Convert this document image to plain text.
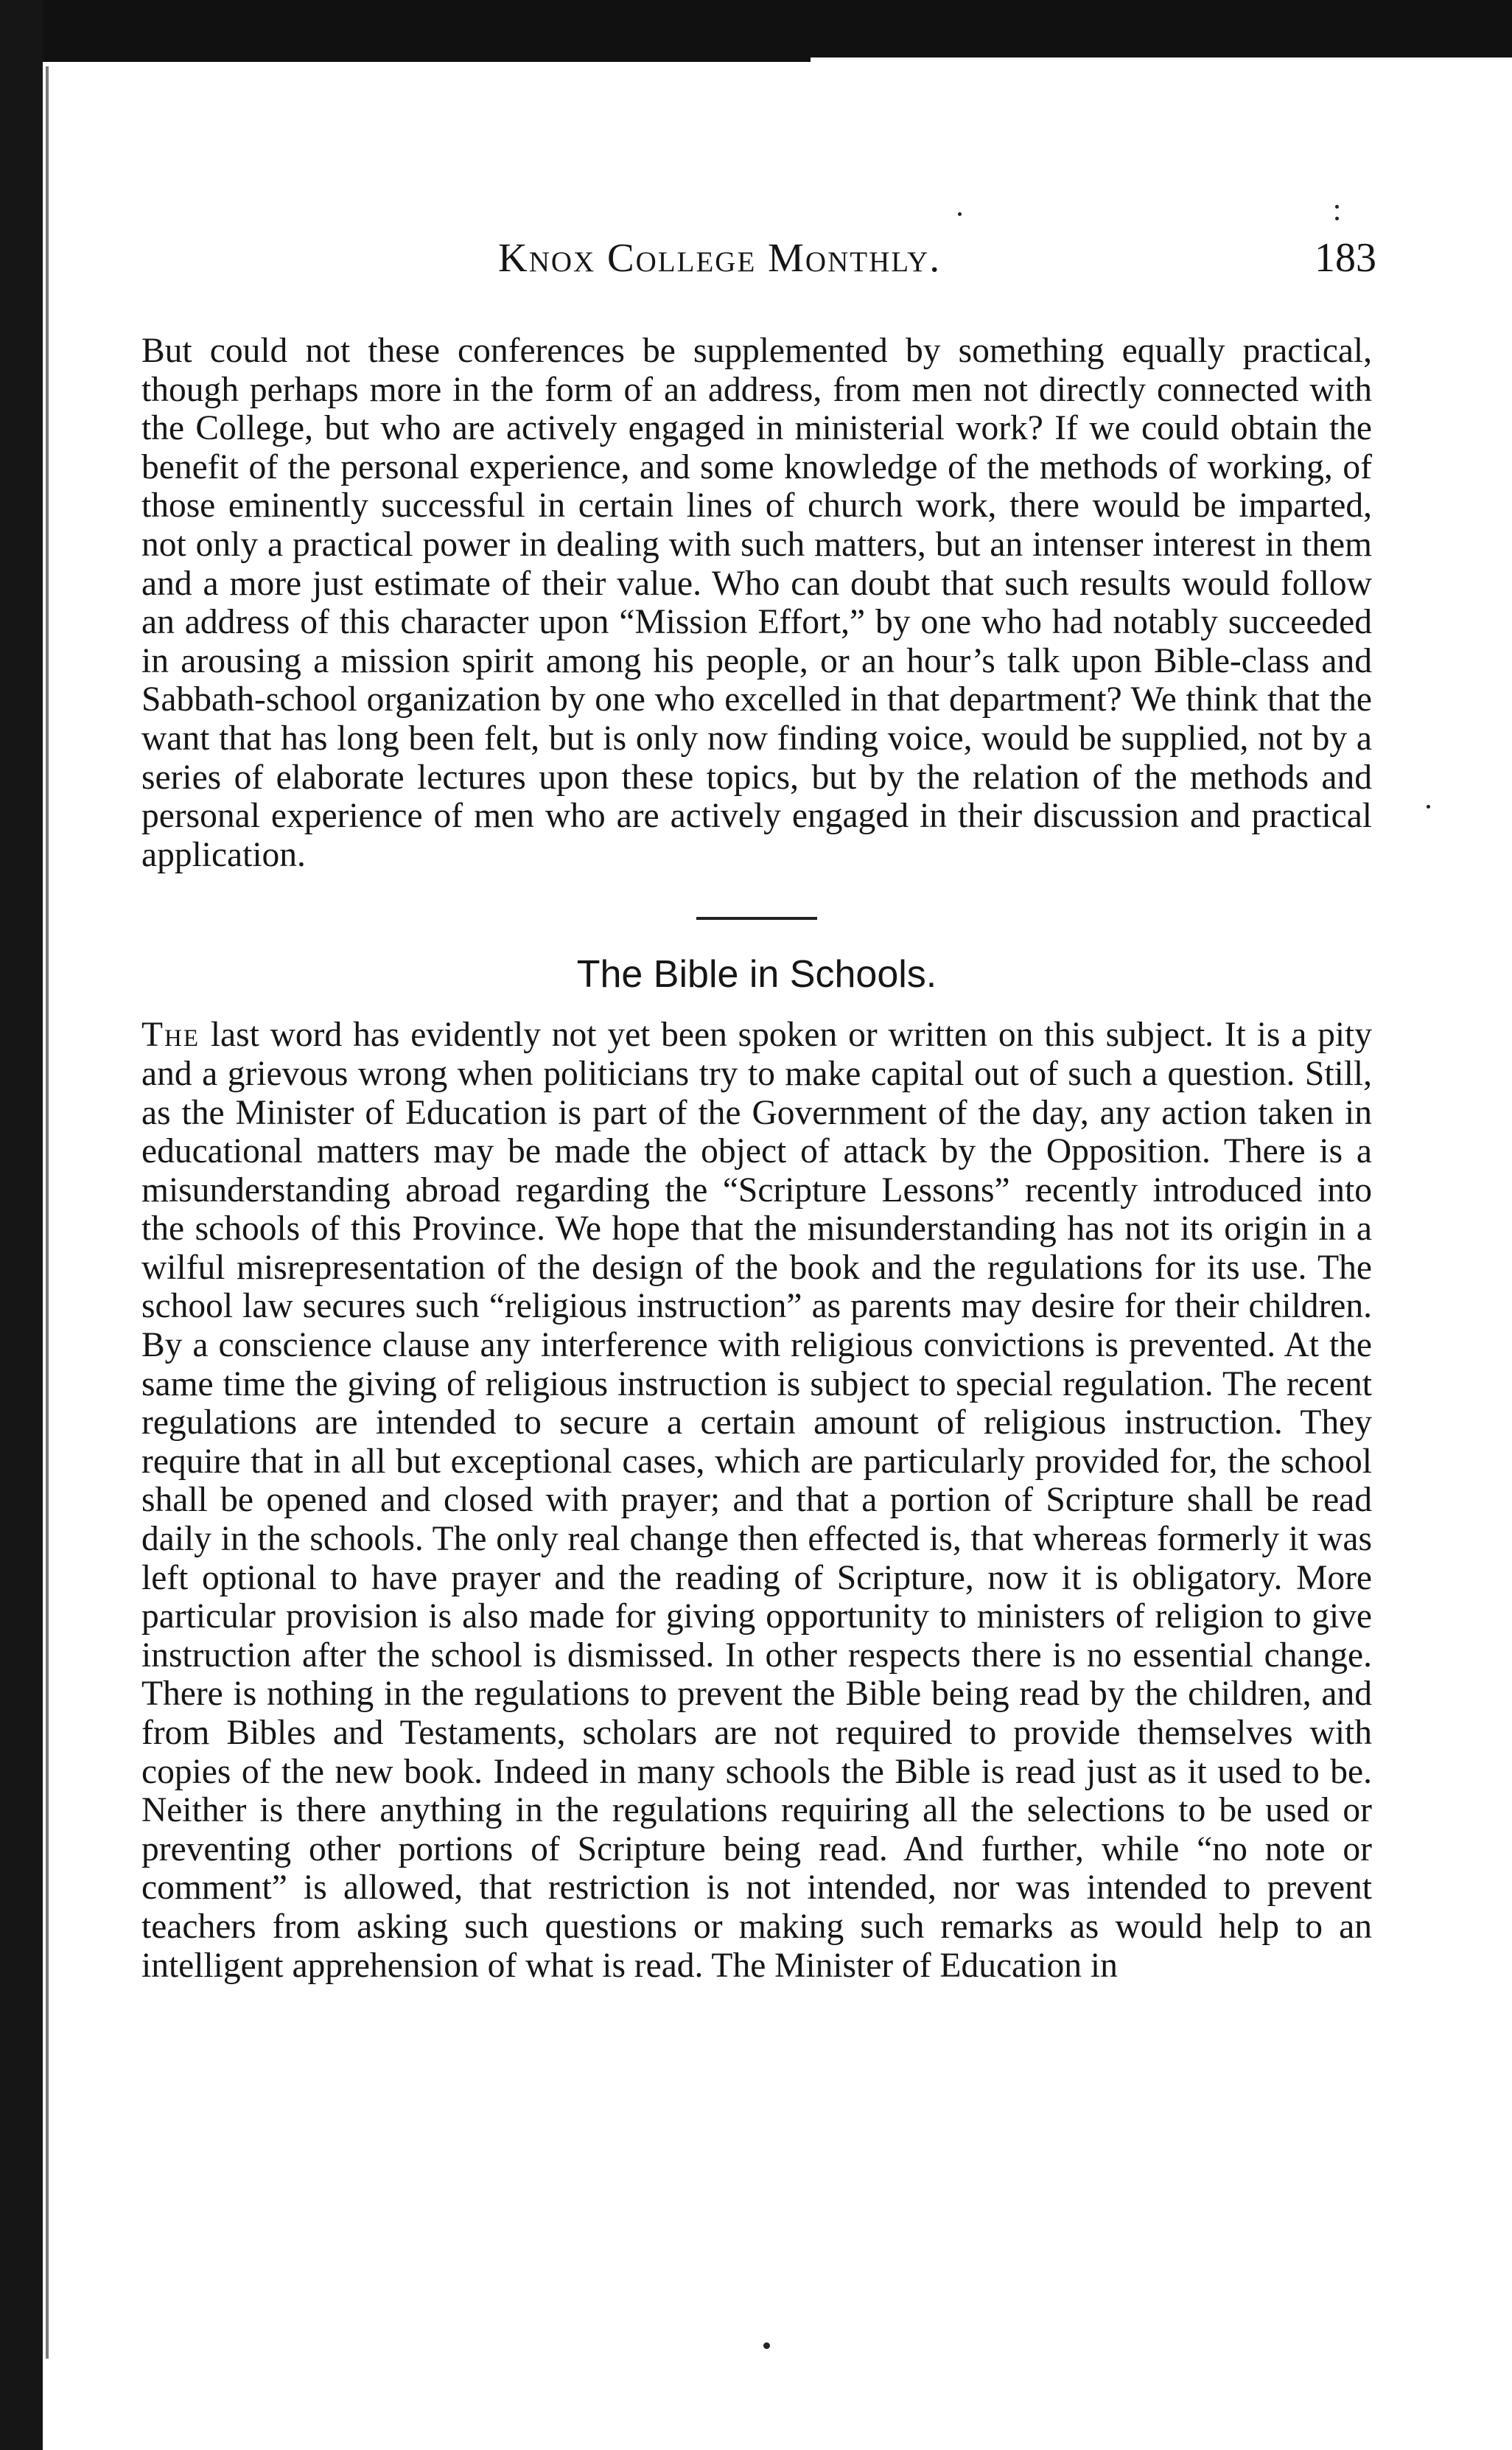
Knox College Monthly.	183

But could not these conferences be supplemented by something equally practical, though perhaps more in the form of an address, from men not directly connected with the College, but who are actively engaged in ministerial work? If we could obtain the benefit of the personal experience, and some knowledge of the methods of working, of those eminently successful in certain lines of church work, there would be imparted, not only a practical power in dealing with such matters, but an intenser interest in them and a more just estimate of their value. Who can doubt that such results would follow an address of this character upon “Mission Effort,” by one who had notably succeeded in arousing a mission spirit among his people, or an hour’s talk upon Bible-class and Sabbath-school organization by one who excelled in that department? We think that the want that has long been felt, but is only now finding voice, would be supplied, not by a series of elaborate lectures upon these topics, but by the relation of the methods and personal experience of men who are actively engaged in their discussion and practical application.

The Bible in Schools.

The last word has evidently not yet been spoken or written on this subject. It is a pity and a grievous wrong when politicians try to make capital out of such a question. Still, as the Minister of Education is part of the Government of the day, any action taken in educational matters may be made the object of attack by the Opposition. There is a misunderstanding abroad regarding the “Scripture Lessons” recently introduced into the schools of this Province. We hope that the misunderstanding has not its origin in a wilful misrepresentation of the design of the book and the regulations for its use. The school law secures such “religious instruction” as parents may desire for their children. By a conscience clause any interference with religious convictions is prevented. At the same time the giving of religious instruction is subject to special regulation. The recent regulations are intended to secure a certain amount of religious instruction. They require that in all but exceptional cases, which are particularly provided for, the school shall be opened and closed with prayer; and that a portion of Scripture shall be read daily in the schools. The only real change then effected is, that whereas formerly it was left optional to have prayer and the reading of Scripture, now it is obligatory. More particular provision is also made for giving opportunity to ministers of religion to give instruction after the school is dismissed. In other respects there is no essential change. There is nothing in the regulations to prevent the Bible being read by the children, and from Bibles and Testaments, scholars are not required to provide themselves with copies of the new book. Indeed in many schools the Bible is read just as it used to be. Neither is there anything in the regulations requiring all the selections to be used or preventing other portions of Scripture being read. And further, while “no note or comment” is allowed, that restriction is not intended, nor was intended to prevent teachers from asking such questions or making such remarks as would help to an intelligent apprehension of what is read. The Minister of Education in
